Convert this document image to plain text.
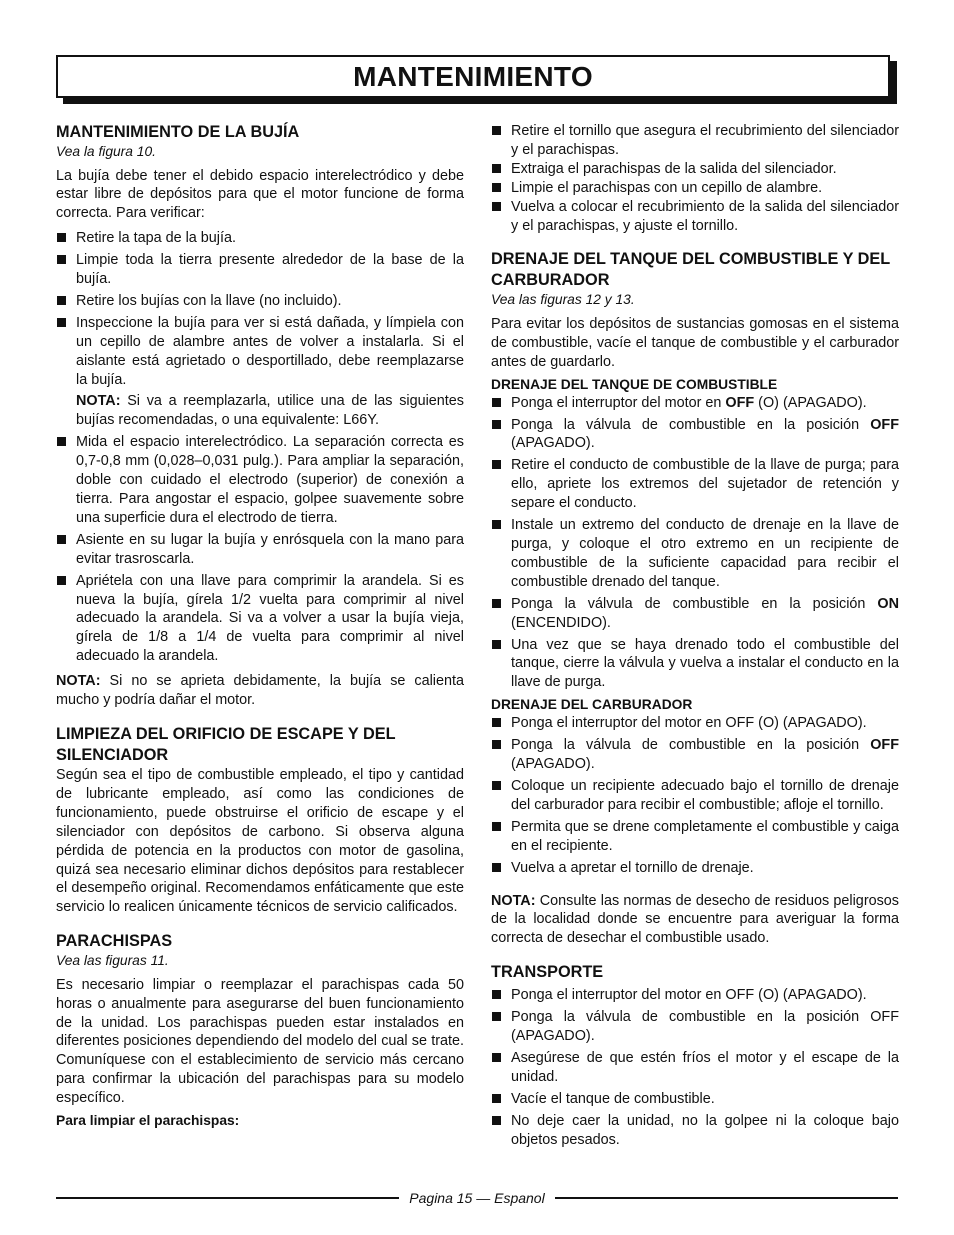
MANTENIMIENTO
MANTENIMIENTO DE LA BUJÍA
Vea la figura 10.

La bujía debe tener el debido espacio interelectródico y debe estar libre de depósitos para que el motor funcione de forma correcta. Para verificar:

Retire la tapa de la bujía.
Limpie toda la tierra presente alrededor de la base de la bujía.
Retire los bujías con la llave (no incluido).
Inspeccione la bujía para ver si está dañada, y límpiela con un cepillo de alambre antes de volver a instalarla. Si el aislante está agrietado o desportillado, debe reemplazarse la bujía.
NOTA: Si va a reemplazarla, utilice una de las siguientes bujías recomendadas, o una equivalente: L66Y.
Mida el espacio interelectródico. La separación correcta es 0,7-0,8 mm (0,028–0,031 pulg.). Para ampliar la separación, doble con cuidado el electrodo (superior) de conexión a tierra. Para angostar el espacio, golpee suavemente sobre una superficie dura el electrodo de tierra.
Asiente en su lugar la bujía y enrósquela con la mano para evitar trasroscarla.
Apriétela con una llave para comprimir la arandela. Si es nueva la bujía, gírela 1/2 vuelta para comprimir al nivel adecuado la arandela. Si va a volver a usar la bujía vieja, gírela de 1/8 a 1/4 de vuelta para comprimir al nivel adecuado la arandela.

NOTA: Si no se aprieta debidamente, la bujía se calienta mucho y podría dañar el motor.

LIMPIEZA DEL ORIFICIO DE ESCAPE Y DEL SILENCIADOR

Según sea el tipo de combustible empleado, el tipo y cantidad de lubricante empleado, así como las condiciones de funcionamiento, puede obstruirse el orificio de escape y el silenciador con depósitos de carbono. Si observa alguna pérdida de potencia en la productos con motor de gasolina, quizá sea necesario eliminar dichos depósitos para restablecer el desempeño original. Recomendamos enfáticamente que este servicio lo realicen únicamente técnicos de servicio calificados.

PARACHISPAS
Vea las figuras 11.

Es necesario limpiar o reemplazar el parachispas cada 50 horas o anualmente para asegurarse del buen funcionamiento de la unidad. Los parachispas pueden estar instalados en diferentes posiciones dependiendo del modelo del cual se trate. Comuníquese con el establecimiento de servicio más cercano para confirmar la ubicación del parachispas para su modelo específico.

Para limpiar el parachispas:
Retire el tornillo que asegura el recubrimiento del silenciador y el parachispas.
Extraiga el parachispas de la salida del silenciador.
Limpie el parachispas con un cepillo de alambre.
Vuelva a colocar el recubrimiento de la salida del silenciador y el parachispas, y ajuste el tornillo.
DRENAJE DEL TANQUE DEL COMBUSTIBLE Y DEL CARBURADOR
Vea las figuras 12 y 13.

Para evitar los depósitos de sustancias gomosas en el sistema de combustible, vacíe el tanque de combustible y el carburador antes de guardarlo.

DRENAJE DEL TANQUE DE COMBUSTIBLE
Ponga el interruptor del motor en OFF (O) (APAGADO).
Ponga la válvula de combustible en la posición OFF (APAGADO).
Retire el conducto de combustible de la llave de purga; para ello, apriete los extremos del sujetador de retención y separe el conducto.
Instale un extremo del conducto de drenaje en la llave de purga, y coloque el otro extremo en un recipiente de combustible de la suficiente capacidad para recibir el combustible drenado del tanque.
Ponga la válvula de combustible en la posición ON (ENCENDIDO).
Una vez que se haya drenado todo el combustible del tanque, cierre la válvula y vuelva a instalar el conducto en la llave de purga.
DRENAJE DEL CARBURADOR
Ponga el interruptor del motor en OFF (O) (APAGADO).
Ponga la válvula de combustible en la posición OFF (APAGADO).
Coloque un recipiente adecuado bajo el tornillo de drenaje del carburador para recibir el combustible; afloje el tornillo.
Permita que se drene completamente el combustible y caiga en el recipiente.
Vuelva a apretar el tornillo de drenaje.

NOTA: Consulte las normas de desecho de residuos peligrosos de la localidad donde se encuentre para averiguar la forma correcta de desechar el combustible usado.

TRANSPORTE
Ponga el interruptor del motor en OFF (O) (APAGADO).
Ponga la válvula de combustible en la posición OFF (APAGADO).
Asegúrese de que estén fríos el motor y el escape de la unidad.
Vacíe el tanque de combustible.
No deje caer la unidad, no la golpee ni la coloque bajo objetos pesados.
Pagina 15 — Espanol
